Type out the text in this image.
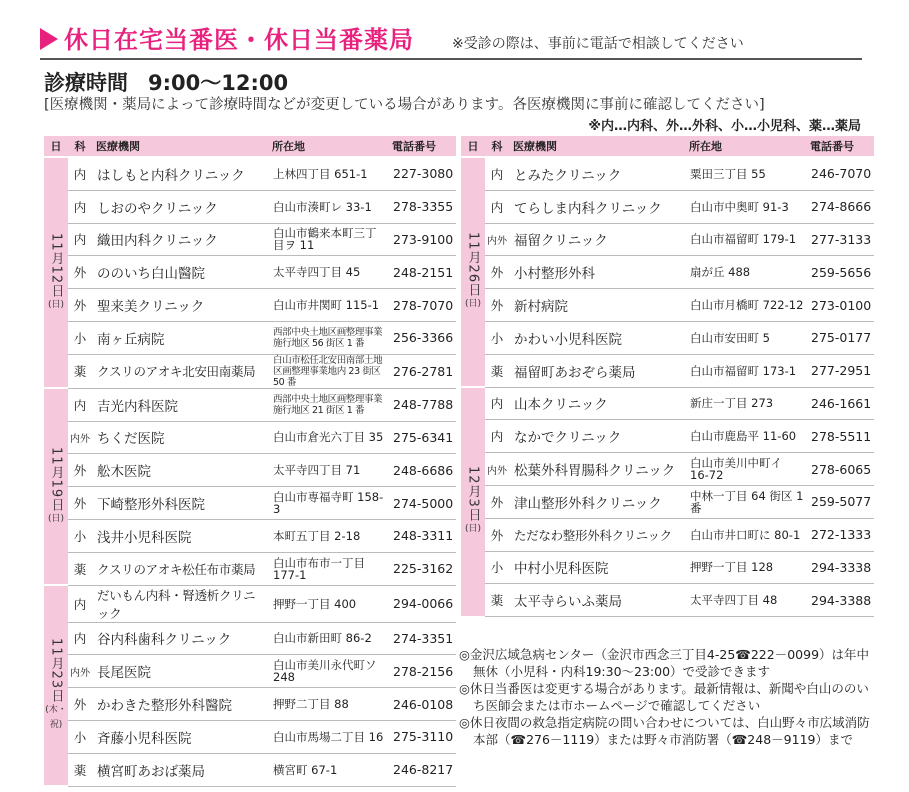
休日在宅当番医・休日当番薬局	※受診の際は、事前に電話で相談してください
診療時間 9:00～12:00
[医療機関・薬局によって診療時間などが変更している場合があります。各医療機関に事前に確認してください]
※内…内科、外…外科、小…小児科、薬…薬局
日	科	医療機関	所在地	電話番号

11月12日
(日)	内	はしもと内科クリニック	上林四丁目 651-1	227-3080
	内	しおのやクリニック	白山市湊町レ 33-1	278-3355
	内	織田内科クリニック	白山市鶴来本町三丁目ヲ 11	273-9100
	外	ののいち白山醫院	太平寺四丁目 45	248-2151
	外	聖来美クリニック	白山市井関町 115-1	278-7070
	小	南ヶ丘病院	西部中央土地区画整理事業施行地区 56 街区 1 番	256-3366
	薬	クスリのアオキ北安田南薬局	白山市松任北安田南部土地区画整理事業地内 23 街区 50 番	276-2781

11月19日
(日)	内	吉光内科医院	西部中央土地区画整理事業施行地区 21 街区 1 番	248-7788
	内外	ちくだ医院	白山市倉光六丁目 35	275-6341
	外	舩木医院	太平寺四丁目 71	248-6686
	外	下崎整形外科医院	白山市専福寺町 158-3	274-5000
	小	浅井小児科医院	本町五丁目 2-18	248-3311
	薬	クスリのアオキ松任布市薬局	白山市布市一丁目 177-1	225-3162

11月23日
(木・祝)	内	だいもん内科・腎透析クリニック	押野一丁目 400	294-0066
	内	谷内科歯科クリニック	白山市新田町 86-2	274-3351
	内外	長尾医院	白山市美川永代町ソ 248	278-2156
	外	かわきた整形外科醫院	押野二丁目 88	246-0108
	小	斉藤小児科医院	白山市馬場二丁目 16	275-3110
	薬	横宮町あおば薬局	横宮町 67-1	246-8217
日	科	医療機関	所在地	電話番号

11月26日
(日)	内	とみたクリニック	粟田三丁目 55	246-7070
	内	てらしま内科クリニック	白山市中奥町 91-3	274-8666
	内外	福留クリニック	白山市福留町 179-1	277-3133
	外	小村整形外科	扇が丘 488	259-5656
	外	新村病院	白山市月橋町 722-12	273-0100
	小	かわい小児科医院	白山市安田町 5	275-0177
	薬	福留町あおぞら薬局	白山市福留町 173-1	277-2951

12月3日
(日)	内	山本クリニック	新庄一丁目 273	246-1661
	内	なかでクリニック	白山市鹿島平 11-60	278-5511
	内外	松葉外科胃腸科クリニック	白山市美川中町イ 16-72	278-6065
	外	津山整形外科クリニック	中林一丁目 64 街区 1 番	259-5077
	外	ただなわ整形外科クリニック	白山市井口町に 80-1	272-1333
	小	中村小児科医院	押野一丁目 128	294-3338
	薬	太平寺らいふ薬局	太平寺四丁目 48	294-3388

◎金沢広域急病センター（金沢市西念三丁目4-25☎222－0099）は年中無休（小児科・内科19:30～23:00）で受診できます

◎休日当番医は変更する場合があります。最新情報は、新聞や白山ののいち医師会または市ホームページで確認してください

◎休日夜間の救急指定病院の問い合わせについては、白山野々市広域消防本部（☎276－1119）または野々市消防署（☎248－9119）まで
